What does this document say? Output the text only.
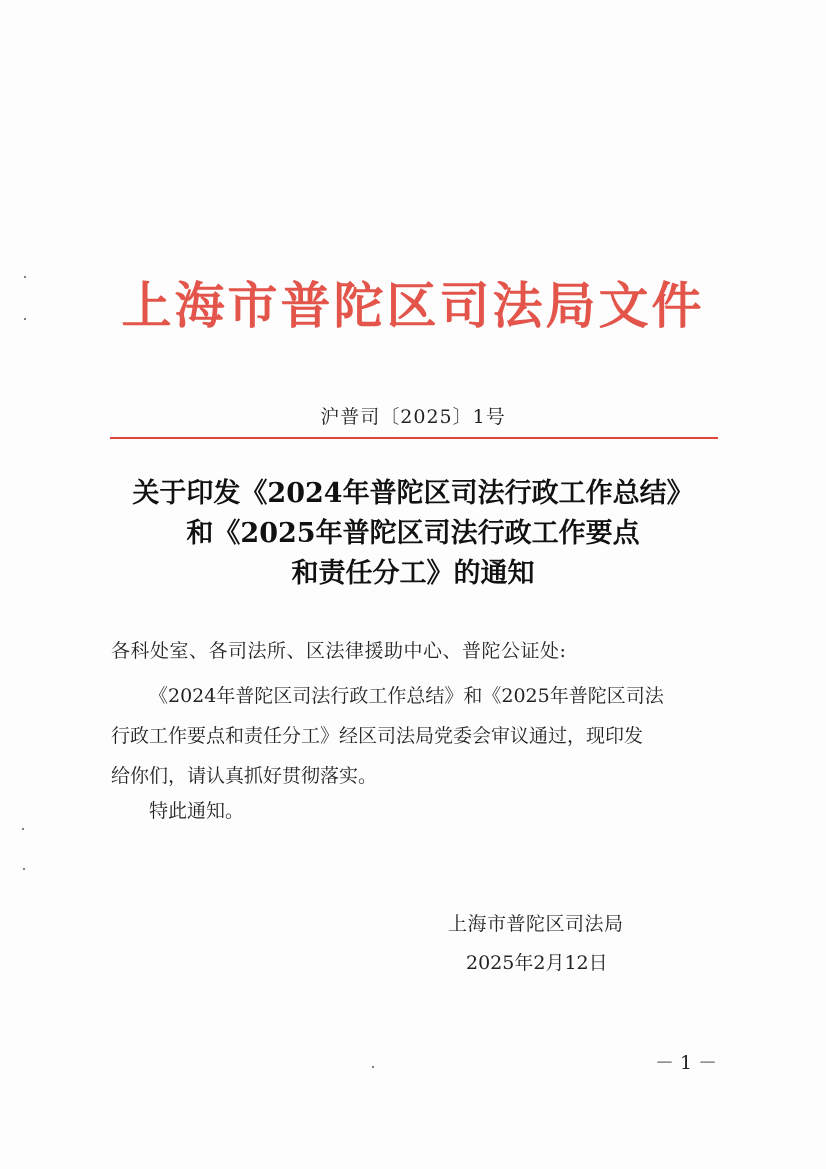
上海市普陀区司法局文件
沪普司〔2025〕1号
关于印发《2024年普陀区司法行政工作总结》
和《2025年普陀区司法行政工作要点
和责任分工》的通知
各科处室、各司法所、区法律援助中心、普陀公证处:
《2024年普陀区司法行政工作总结》和《2025年普陀区司法
行政工作要点和责任分工》经区司法局党委会审议通过，现印发
给你们，请认真抓好贯彻落实。
特此通知。
上海市普陀区司法局
2025年2月12日
－ 1 －
